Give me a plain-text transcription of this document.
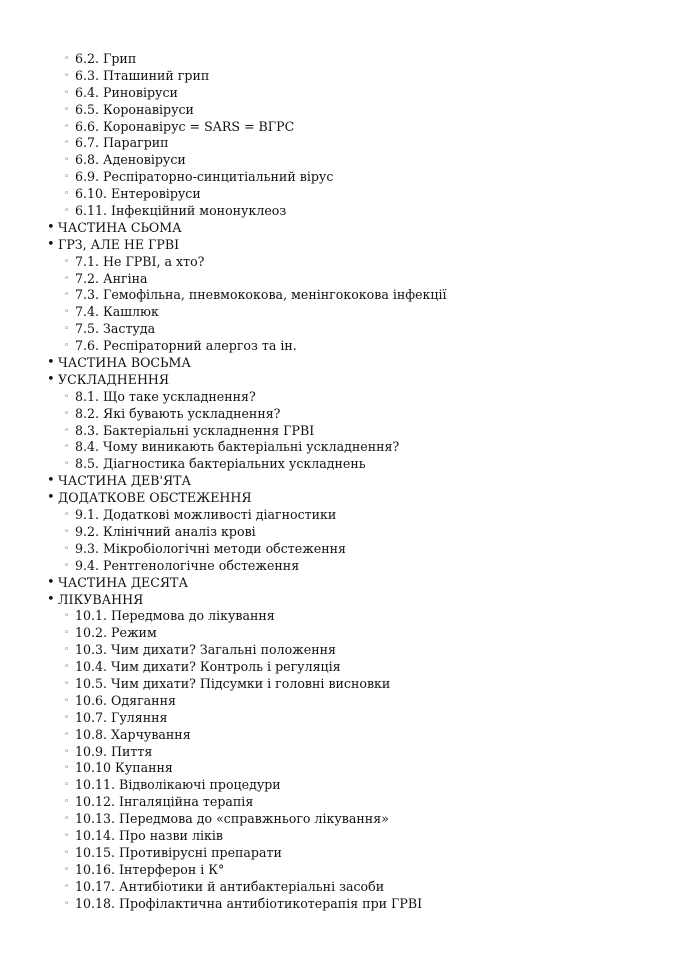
◦ 6.2. Грип
◦ 6.3. Пташиний грип
◦ 6.4. Риновіруси
◦ 6.5. Коронавіруси
◦ 6.6. Коронавірус = SARS = ВГРС
◦ 6.7. Парагрип
◦ 6.8. Аденовіруси
◦ 6.9. Респіраторно-синцитіальний вірус
◦ 6.10. Ентеровіруси
◦ 6.11. Інфекційний мононуклеоз
• ЧАСТИНА СЬОМА
• ГРЗ, АЛЕ НЕ ГРВІ
◦ 7.1. Не ГРВІ, а хто?
◦ 7.2. Ангіна
◦ 7.3. Гемофільна, пневмококова, менінгококова інфекції
◦ 7.4. Кашлюк
◦ 7.5. Застуда
◦ 7.6. Респіраторний алергоз та ін.
• ЧАСТИНА ВОСЬМА
• УСКЛАДНЕННЯ
◦ 8.1. Що таке ускладнення?
◦ 8.2. Які бувають ускладнення?
◦ 8.3. Бактеріальні ускладнення ГРВІ
◦ 8.4. Чому виникають бактеріальні ускладнення?
◦ 8.5. Діагностика бактеріальних ускладнень
• ЧАСТИНА ДЕВ'ЯТА
• ДОДАТКОВЕ ОБСТЕЖЕННЯ
◦ 9.1. Додаткові можливості діагностики
◦ 9.2. Клінічний аналіз крові
◦ 9.3. Мікробіологічні методи обстеження
◦ 9.4. Рентгенологічне обстеження
• ЧАСТИНА ДЕСЯТА
• ЛІКУВАННЯ
◦ 10.1. Передмова до лікування
◦ 10.2. Режим
◦ 10.3. Чим дихати? Загальні положення
◦ 10.4. Чим дихати? Контроль і регуляція
◦ 10.5. Чим дихати? Підсумки і головні висновки
◦ 10.6. Одягання
◦ 10.7. Гуляння
◦ 10.8. Харчування
◦ 10.9. Пиття
◦ 10.10 Купання
◦ 10.11. Відволікаючі процедури
◦ 10.12. Інгаляційна терапія
◦ 10.13. Передмова до «справжнього лікування»
◦ 10.14. Про назви ліків
◦ 10.15. Противірусні препарати
◦ 10.16. Інтерферон і К°
◦ 10.17. Антибіотики й антибактеріальні засоби
◦ 10.18. Профілактична антибіотикотерапія при ГРВІ
